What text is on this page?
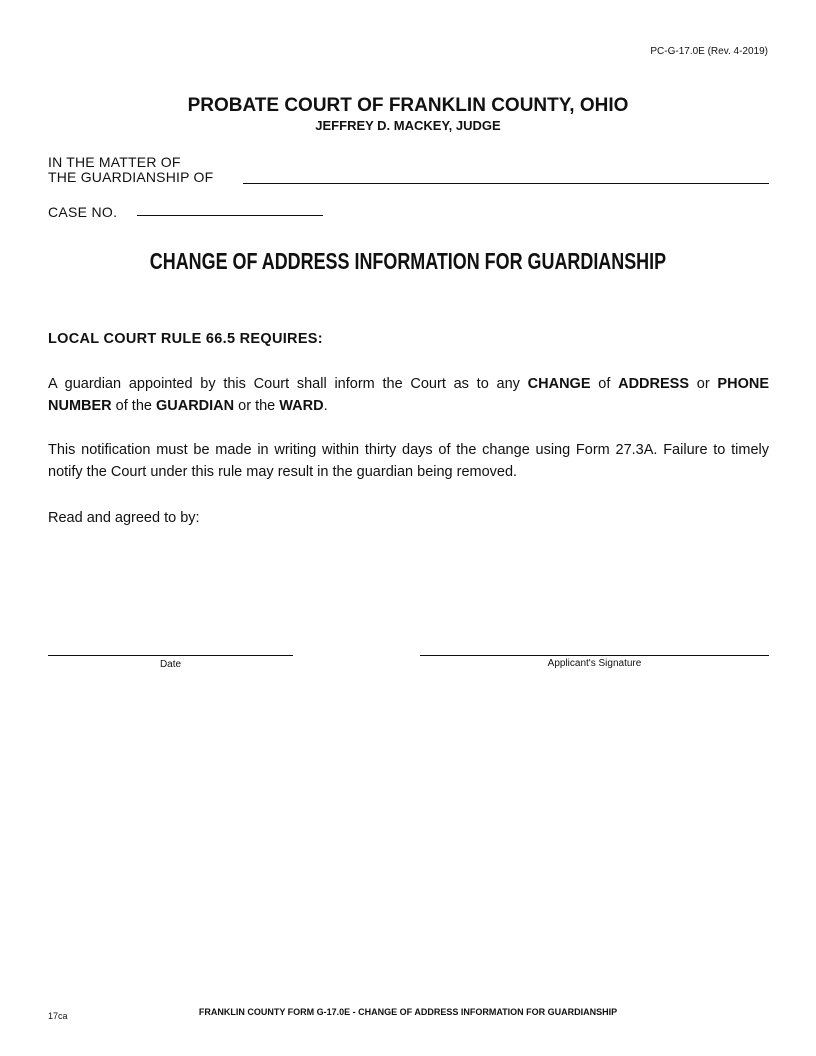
PC-G-17.0E (Rev. 4-2019)
PROBATE COURT OF FRANKLIN COUNTY, OHIO
JEFFREY D. MACKEY, JUDGE
IN THE MATTER OF
THE GUARDIANSHIP OF
CASE NO.
CHANGE OF ADDRESS INFORMATION FOR GUARDIANSHIP
LOCAL COURT RULE 66.5 REQUIRES:
A guardian appointed by this Court shall inform the Court as to any CHANGE of ADDRESS or PHONE NUMBER of the GUARDIAN or the WARD.
This notification must be made in writing within thirty days of the change using Form 27.3A. Failure to timely notify the Court under this rule may result in the guardian being removed.
Read and agreed to by:
Date	Applicant's Signature
FRANKLIN COUNTY FORM G-17.0E - CHANGE OF ADDRESS INFORMATION FOR GUARDIANSHIP
17ca
